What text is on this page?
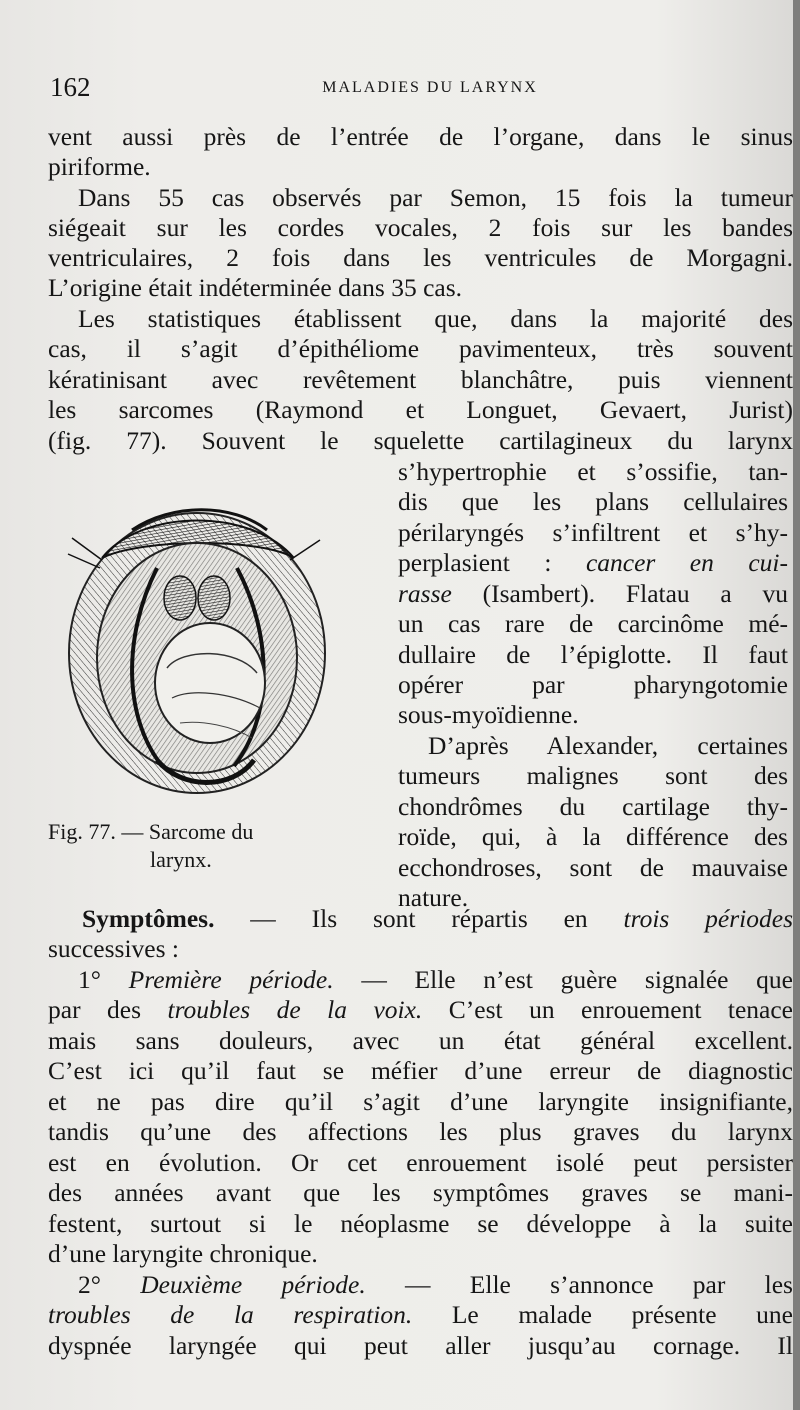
162	MALADIES DU LARYNX
vent aussi près de l’entrée de l’organe, dans le sinus
piriforme.
Dans 55 cas observés par Semon, 15 fois la tumeur
siégeait sur les cordes vocales, 2 fois sur les bandes
ventriculaires, 2 fois dans les ventricules de Morgagni.
L’origine était indéterminée dans 35 cas.
Les statistiques établissent que, dans la majorité des
cas, il s’agit d’épithéliome pavimenteux, très souvent
kératinisant avec revêtement blanchâtre, puis viennent
les sarcomes (Raymond et Longuet, Gevaert, Jurist)
(fig. 77). Souvent le squelette cartilagineux du larynx
s’hypertrophie et s’ossifie, tan-
dis que les plans cellulaires
périlaryngés s’infiltrent et s’hy-
perplasient : cancer en cui-
rasse (Isambert). Flatau a vu
un cas rare de carcinôme mé-
dullaire de l’épiglotte. Il faut
opérer par pharyngotomie
sous-myoïdienne.
D’après Alexander, certaines
tumeurs malignes sont des
chondrômes du cartilage thy-
roïde, qui, à la différence des
ecchondroses, sont de mauvaise
nature.
Fig. 77. — Sarcome du
larynx.
Symptômes. — Ils sont répartis en trois périodes
successives :
1° Première période. — Elle n’est guère signalée que
par des troubles de la voix. C’est un enrouement tenace
mais sans douleurs, avec un état général excellent.
C’est ici qu’il faut se méfier d’une erreur de diagnostic
et ne pas dire qu’il s’agit d’une laryngite insignifiante,
tandis qu’une des affections les plus graves du larynx
est en évolution. Or cet enrouement isolé peut persister
des années avant que les symptômes graves se mani-
festent, surtout si le néoplasme se développe à la suite
d’une laryngite chronique.
2° Deuxième période. — Elle s’annonce par les
troubles de la respiration. Le malade présente une
dyspnée laryngée qui peut aller jusqu’au cornage. Il
